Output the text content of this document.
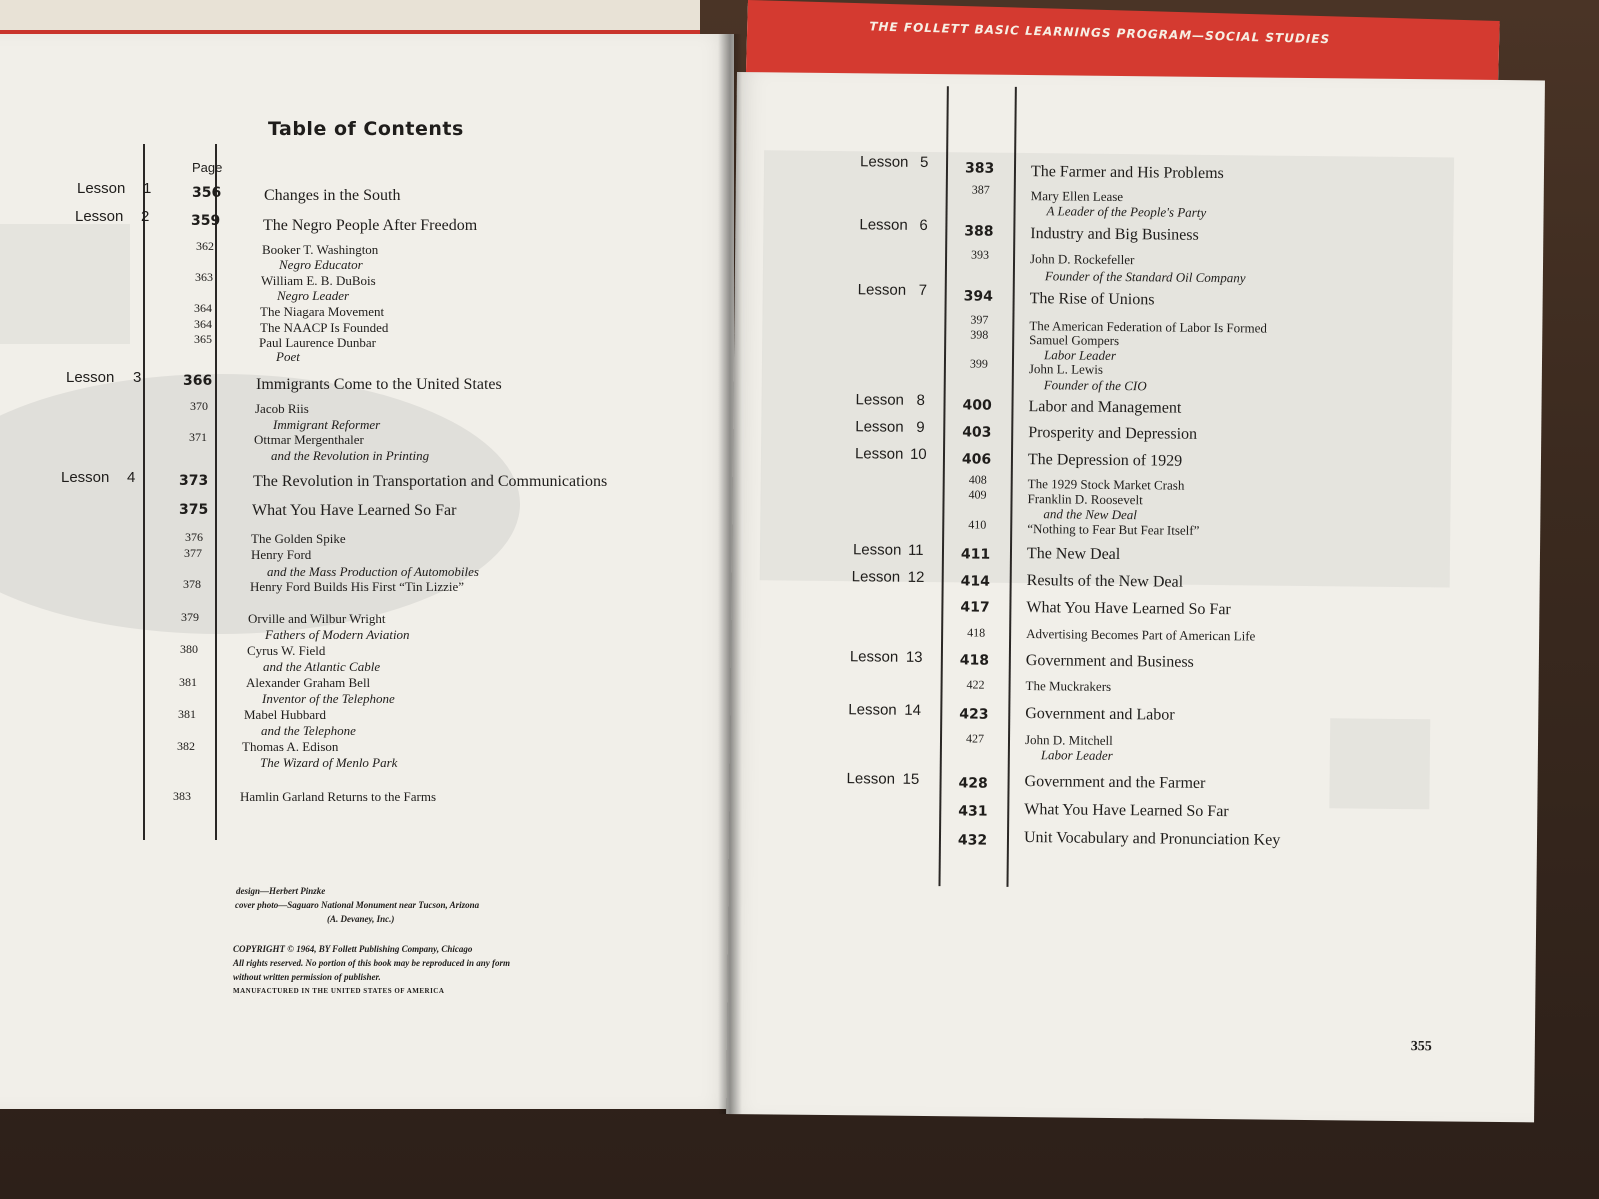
THE FOLLETT BASIC LEARNINGS PROGRAM—SOCIAL STUDIES
Table of Contents
Page
Lesson 1	356	Changes in the South
Lesson 2	359	The Negro People After Freedom
362	Booker T. Washington
Negro Educator
363	William E. B. DuBois
Negro Leader
364	The Niagara Movement
364	The NAACP Is Founded
365	Paul Laurence Dunbar
Poet
Lesson 3	366	Immigrants Come to the United States
370	Jacob Riis
Immigrant Reformer
371	Ottmar Mergenthaler
and the Revolution in Printing
Lesson 4	373	The Revolution in Transportation and Communications
375	What You Have Learned So Far
376	The Golden Spike
377	Henry Ford
and the Mass Production of Automobiles
378	Henry Ford Builds His First “Tin Lizzie”
379	Orville and Wilbur Wright
Fathers of Modern Aviation
380	Cyrus W. Field
and the Atlantic Cable
381	Alexander Graham Bell
Inventor of the Telephone
381	Mabel Hubbard
and the Telephone
382	Thomas A. Edison
The Wizard of Menlo Park
383	Hamlin Garland Returns to the Farms
design—Herbert Pinzke
cover photo—Saguaro National Monument near Tucson, Arizona
(A. Devaney, Inc.)
COPYRIGHT © 1964, BY Follett Publishing Company, Chicago
All rights reserved. No portion of this book may be reproduced in any form
without written permission of publisher.
MANUFACTURED IN THE UNITED STATES OF AMERICA
Lesson 5	383 The Farmer and His Problems
387	Mary Ellen Lease
A Leader of the People's Party
Lesson 6	388 Industry and Big Business
393	John D. Rockefeller
Founder of the Standard Oil Company
Lesson 7	394 The Rise of Unions
397	The American Federation of Labor Is Formed
398	Samuel Gompers
Labor Leader
399	John L. Lewis
Founder of the CIO
Lesson 8	400 Labor and Management
Lesson 9	403 Prosperity and Depression
Lesson 10	406 The Depression of 1929
408	The 1929 Stock Market Crash
409	Franklin D. Roosevelt
and the New Deal
410	“Nothing to Fear But Fear Itself”
Lesson 11	411 The New Deal
Lesson 12	414 Results of the New Deal
417 What You Have Learned So Far
418	Advertising Becomes Part of American Life
Lesson 13	418 Government and Business
422	The Muckrakers
Lesson 14	423 Government and Labor
427	John D. Mitchell
Labor Leader
Lesson 15	428 Government and the Farmer
431 What You Have Learned So Far
432 Unit Vocabulary and Pronunciation Key
355
